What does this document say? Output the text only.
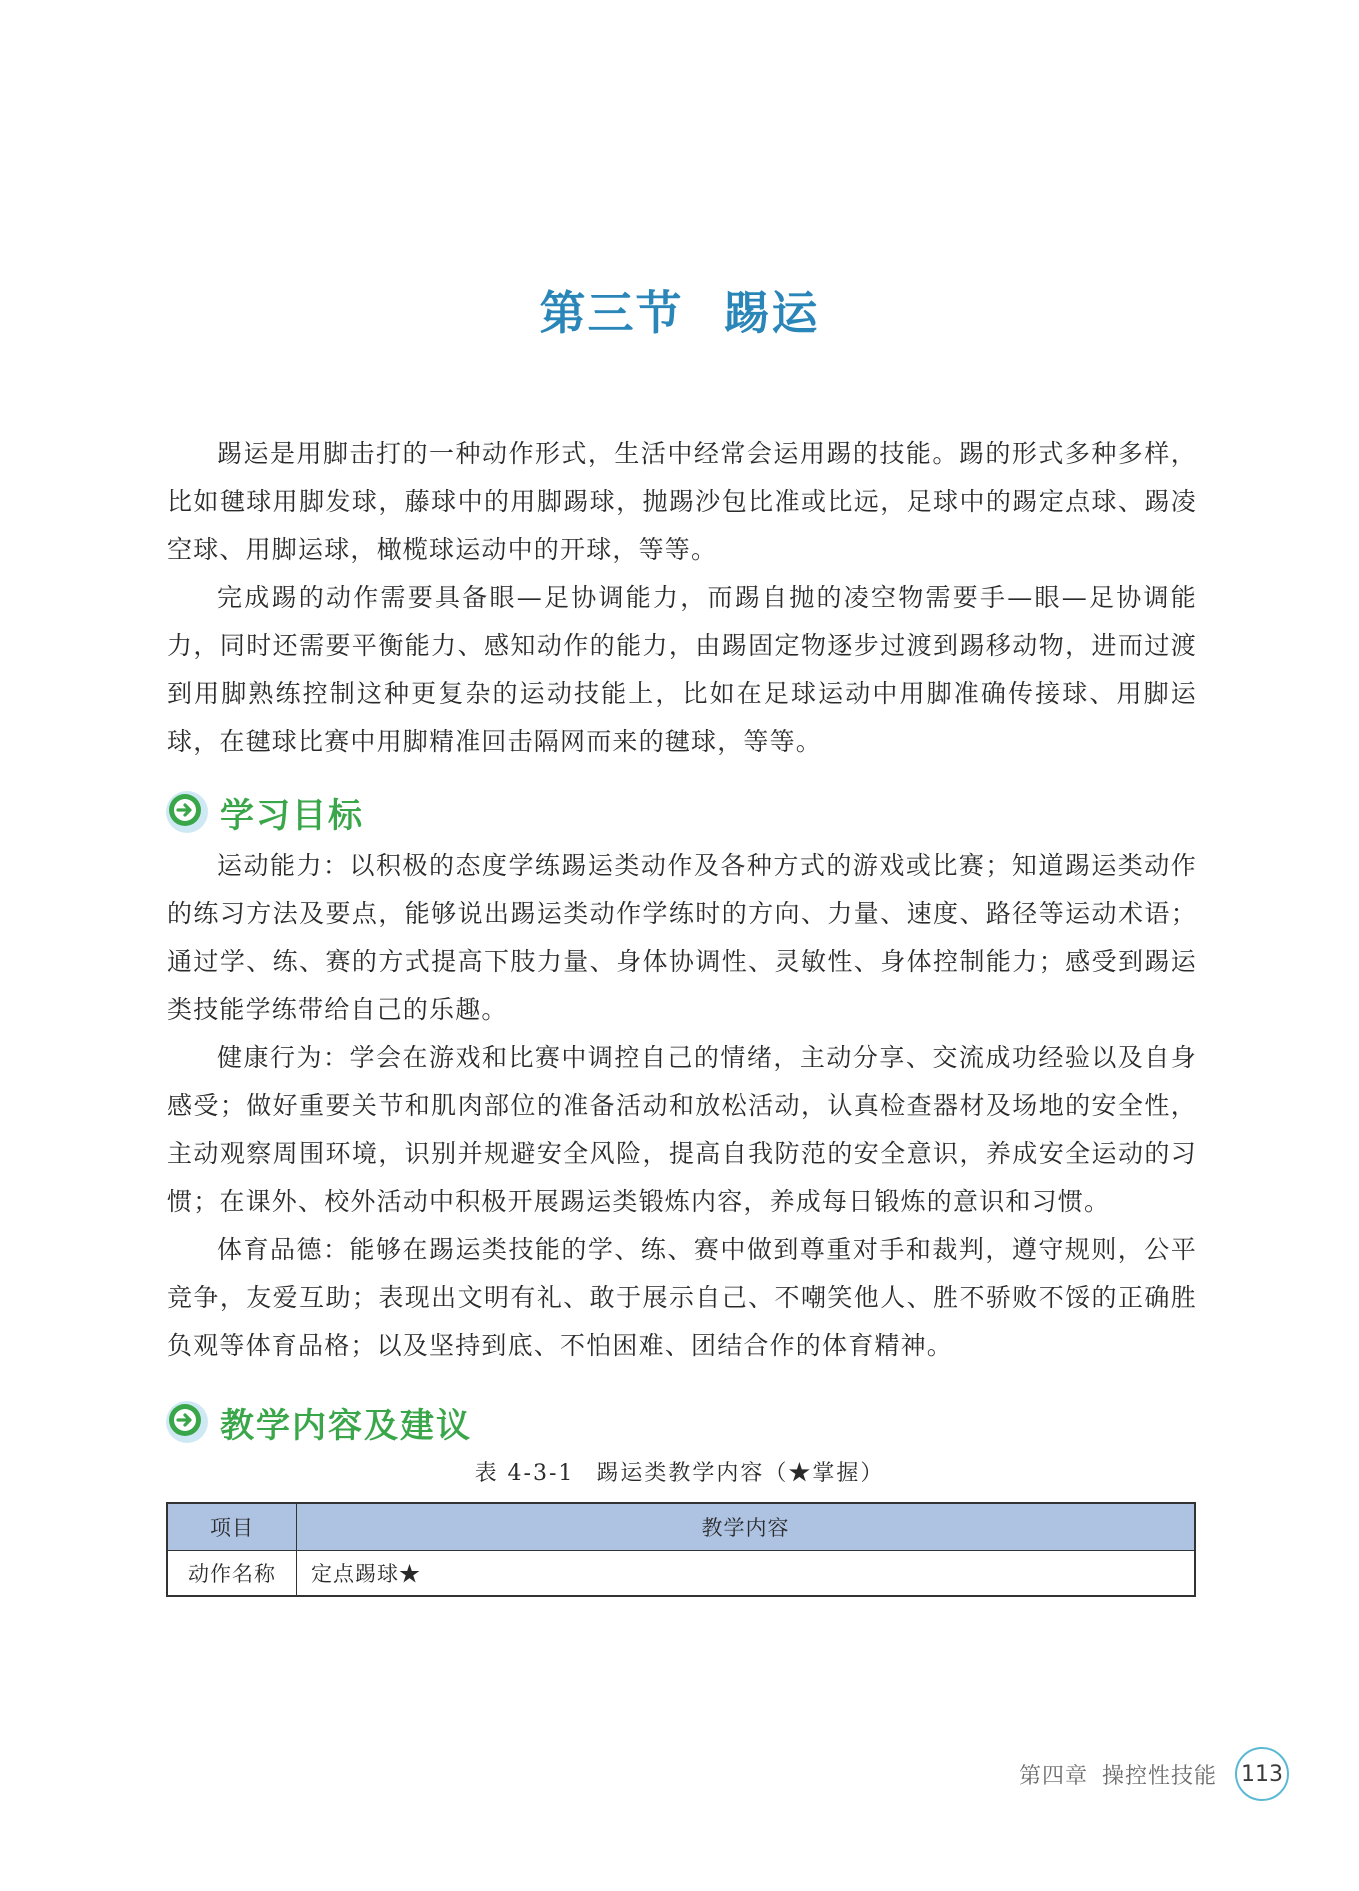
第三节 踢运

踢运是用脚击打的一种动作形式，生活中经常会运用踢的技能。踢的形式多种多样，比如毽球用脚发球，藤球中的用脚踢球，抛踢沙包比准或比远，足球中的踢定点球、踢凌空球、用脚运球，橄榄球运动中的开球，等等。

完成踢的动作需要具备眼—足协调能力，而踢自抛的凌空物需要手—眼—足协调能力，同时还需要平衡能力、感知动作的能力，由踢固定物逐步过渡到踢移动物，进而过渡到用脚熟练控制这种更复杂的运动技能上，比如在足球运动中用脚准确传接球、用脚运球，在毽球比赛中用脚精准回击隔网而来的毽球，等等。

学习目标

运动能力：以积极的态度学练踢运类动作及各种方式的游戏或比赛；知道踢运类动作的练习方法及要点，能够说出踢运类动作学练时的方向、力量、速度、路径等运动术语；通过学、练、赛的方式提高下肢力量、身体协调性、灵敏性、身体控制能力；感受到踢运类技能学练带给自己的乐趣。

健康行为：学会在游戏和比赛中调控自己的情绪，主动分享、交流成功经验以及自身感受；做好重要关节和肌肉部位的准备活动和放松活动，认真检查器材及场地的安全性，主动观察周围环境，识别并规避安全风险，提高自我防范的安全意识，养成安全运动的习惯；在课外、校外活动中积极开展踢运类锻炼内容，养成每日锻炼的意识和习惯。

体育品德：能够在踢运类技能的学、练、赛中做到尊重对手和裁判，遵守规则，公平竞争，友爱互助；表现出文明有礼、敢于展示自己、不嘲笑他人、胜不骄败不馁的正确胜负观等体育品格；以及坚持到底、不怕困难、团结合作的体育精神。

教学内容及建议

表 4-3-1 踢运类教学内容（★掌握）

项目	教学内容
动作名称	定点踢球★
第四章 操控性技能 113
